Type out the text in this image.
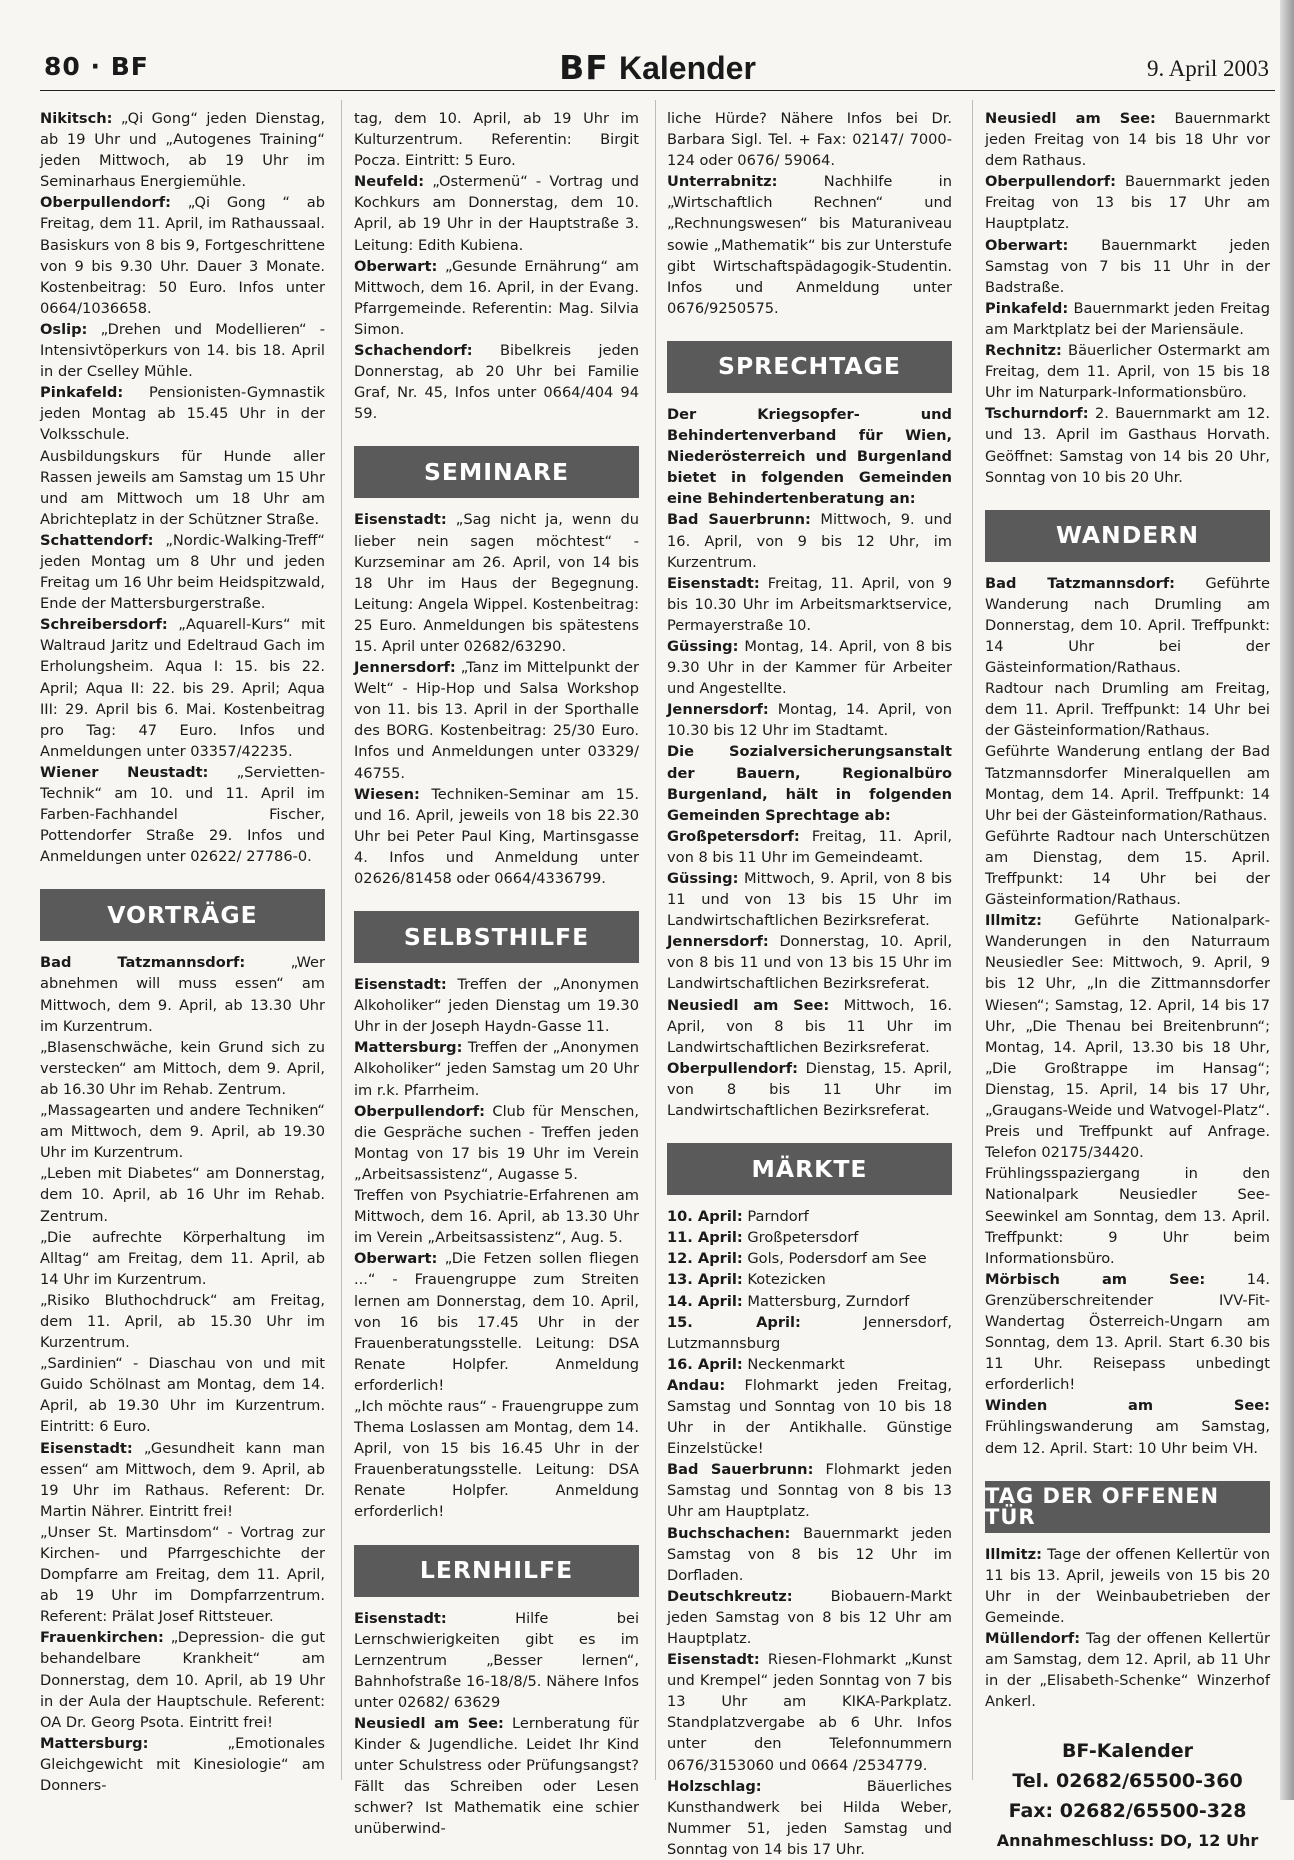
80 · BF	BF Kalender	9. April 2003

Nikitsch: „Qi Gong“ jeden Dienstag, ab 19 Uhr und „Autogenes Training“ jeden Mittwoch, ab 19 Uhr im Seminarhaus Energiemühle.

Oberpullendorf: „Qi Gong “ ab Freitag, dem 11. April, im Rathaussaal. Basiskurs von 8 bis 9, Fortgeschrittene von 9 bis 9.30 Uhr. Dauer 3 Monate. Kostenbeitrag: 50 Euro. Infos unter 0664/1036658.

Oslip: „Drehen und Modellieren“ - Intensivtöperkurs von 14. bis 18. April in der Cselley Mühle.

Pinkafeld: Pensionisten-Gymnastik jeden Montag ab 15.45 Uhr in der Volksschule.

Ausbildungskurs für Hunde aller Rassen jeweils am Samstag um 15 Uhr und am Mittwoch um 18 Uhr am Abrichteplatz in der Schützner Straße.

Schattendorf: „Nordic-Walking-Treff“ jeden Montag um 8 Uhr und jeden Freitag um 16 Uhr beim Heidspitzwald, Ende der Mattersburgerstraße.

Schreibersdorf: „Aquarell-Kurs“ mit Waltraud Jaritz und Edeltraud Gach im Erholungsheim. Aqua I: 15. bis 22. April; Aqua II: 22. bis 29. April; Aqua III: 29. April bis 6. Mai. Kostenbeitrag pro Tag: 47 Euro. Infos und Anmeldungen unter 03357/42235.

Wiener Neustadt: „Servietten-Technik“ am 10. und 11. April im Farben-Fachhandel Fischer, Pottendorfer Straße 29. Infos und Anmeldungen unter 02622/ 27786-0.

VORTRÄGE

Bad Tatzmannsdorf: „Wer abnehmen will muss essen“ am Mittwoch, dem 9. April, ab 13.30 Uhr im Kurzentrum.

„Blasenschwäche, kein Grund sich zu verstecken“ am Mittoch, dem 9. April, ab 16.30 Uhr im Rehab. Zentrum.

„Massagearten und andere Techniken“ am Mittwoch, dem 9. April, ab 19.30 Uhr im Kurzentrum.

„Leben mit Diabetes“ am Donnerstag, dem 10. April, ab 16 Uhr im Rehab. Zentrum.

„Die aufrechte Körperhaltung im Alltag“ am Freitag, dem 11. April, ab 14 Uhr im Kurzentrum.

„Risiko Bluthochdruck“ am Freitag, dem 11. April, ab 15.30 Uhr im Kurzentrum.

„Sardinien“ - Diaschau von und mit Guido Schölnast am Montag, dem 14. April, ab 19.30 Uhr im Kurzentrum. Eintritt: 6 Euro.

Eisenstadt: „Gesundheit kann man essen“ am Mittwoch, dem 9. April, ab 19 Uhr im Rathaus. Referent: Dr. Martin Nährer. Eintritt frei!

„Unser St. Martinsdom“ - Vortrag zur Kirchen- und Pfarrgeschichte der Dompfarre am Freitag, dem 11. April, ab 19 Uhr im Dompfarrzentrum. Referent: Prälat Josef Rittsteuer.

Frauenkirchen: „Depression- die gut behandelbare Krankheit“ am Donnerstag, dem 10. April, ab 19 Uhr in der Aula der Hauptschule. Referent: OA Dr. Georg Psota. Eintritt frei!

Mattersburg: „Emotionales Gleichgewicht mit Kinesiologie“ am Donners-

tag, dem 10. April, ab 19 Uhr im Kulturzentrum. Referentin: Birgit Pocza. Eintritt: 5 Euro.

Neufeld: „Ostermenü“ - Vortrag und Kochkurs am Donnerstag, dem 10. April, ab 19 Uhr in der Hauptstraße 3. Leitung: Edith Kubiena.

Oberwart: „Gesunde Ernährung“ am Mittwoch, dem 16. April, in der Evang. Pfarrgemeinde. Referentin: Mag. Silvia Simon.

Schachendorf: Bibelkreis jeden Donnerstag, ab 20 Uhr bei Familie Graf, Nr. 45, Infos unter 0664/404 94 59.

SEMINARE

Eisenstadt: „Sag nicht ja, wenn du lieber nein sagen möchtest“ - Kurzseminar am 26. April, von 14 bis 18 Uhr im Haus der Begegnung. Leitung: Angela Wippel. Kostenbeitrag: 25 Euro. Anmeldungen bis spätestens 15. April unter 02682/63290.

Jennersdorf: „Tanz im Mittelpunkt der Welt“ - Hip-Hop und Salsa Workshop von 11. bis 13. April in der Sporthalle des BORG. Kostenbeitrag: 25/30 Euro. Infos und Anmeldungen unter 03329/ 46755.

Wiesen: Techniken-Seminar am 15. und 16. April, jeweils von 18 bis 22.30 Uhr bei Peter Paul King, Martinsgasse 4. Infos und Anmeldung unter 02626/81458 oder 0664/4336799.

SELBSTHILFE

Eisenstadt: Treffen der „Anonymen Alkoholiker“ jeden Dienstag um 19.30 Uhr in der Joseph Haydn-Gasse 11.

Mattersburg: Treffen der „Anonymen Alkoholiker“ jeden Samstag um 20 Uhr im r.k. Pfarrheim.

Oberpullendorf: Club für Menschen, die Gespräche suchen - Treffen jeden Montag von 17 bis 19 Uhr im Verein „Arbeitsassistenz“, Augasse 5.

Treffen von Psychiatrie-Erfahrenen am Mittwoch, dem 16. April, ab 13.30 Uhr im Verein „Arbeitsassistenz“, Aug. 5.

Oberwart: „Die Fetzen sollen fliegen ...“ - Frauengruppe zum Streiten lernen am Donnerstag, dem 10. April, von 16 bis 17.45 Uhr in der Frauenberatungsstelle. Leitung: DSA Renate Holpfer. Anmeldung erforderlich!

„Ich möchte raus“ - Frauengruppe zum Thema Loslassen am Montag, dem 14. April, von 15 bis 16.45 Uhr in der Frauenberatungsstelle. Leitung: DSA Renate Holpfer. Anmeldung erforderlich!

LERNHILFE

Eisenstadt: Hilfe bei Lernschwierigkeiten gibt es im Lernzentrum „Besser lernen“, Bahnhofstraße 16-18/8/5. Nähere Infos unter 02682/ 63629

Neusiedl am See: Lernberatung für Kinder & Jugendliche. Leidet Ihr Kind unter Schulstress oder Prüfungsangst? Fällt das Schreiben oder Lesen schwer? Ist Mathematik eine schier unüberwind-

liche Hürde? Nähere Infos bei Dr. Barbara Sigl. Tel. + Fax: 02147/ 7000-124 oder 0676/ 59064.

Unterrabnitz: Nachhilfe in „Wirtschaftlich Rechnen“ und „Rechnungswesen“ bis Maturaniveau sowie „Mathematik“ bis zur Unterstufe gibt Wirtschaftspädagogik-Studentin. Infos und Anmeldung unter 0676/9250575.

SPRECHTAGE

Der Kriegsopfer- und Behindertenverband für Wien, Niederösterreich und Burgenland bietet in folgenden Gemeinden eine Behindertenberatung an:

Bad Sauerbrunn: Mittwoch, 9. und 16. April, von 9 bis 12 Uhr, im Kurzentrum.

Eisenstadt: Freitag, 11. April, von 9 bis 10.30 Uhr im Arbeitsmarktservice, Permayerstraße 10.

Güssing: Montag, 14. April, von 8 bis 9.30 Uhr in der Kammer für Arbeiter und Angestellte.

Jennersdorf: Montag, 14. April, von 10.30 bis 12 Uhr im Stadtamt.

Die Sozialversicherungsanstalt der Bauern, Regionalbüro Burgenland, hält in folgenden Gemeinden Sprechtage ab:

Großpetersdorf: Freitag, 11. April, von 8 bis 11 Uhr im Gemeindeamt.

Güssing: Mittwoch, 9. April, von 8 bis 11 und von 13 bis 15 Uhr im Landwirtschaftlichen Bezirksreferat.

Jennersdorf: Donnerstag, 10. April, von 8 bis 11 und von 13 bis 15 Uhr im Landwirtschaftlichen Bezirksreferat.

Neusiedl am See: Mittwoch, 16. April, von 8 bis 11 Uhr im Landwirtschaftlichen Bezirksreferat.

Oberpullendorf: Dienstag, 15. April, von 8 bis 11 Uhr im Landwirtschaftlichen Bezirksreferat.

MÄRKTE

10. April: Parndorf

11. April: Großpetersdorf

12. April: Gols, Podersdorf am See

13. April: Kotezicken

14. April: Mattersburg, Zurndorf

15. April: Jennersdorf, Lutzmannsburg

16. April: Neckenmarkt

Andau: Flohmarkt jeden Freitag, Samstag und Sonntag von 10 bis 18 Uhr in der Antikhalle. Günstige Einzelstücke!

Bad Sauerbrunn: Flohmarkt jeden Samstag und Sonntag von 8 bis 13 Uhr am Hauptplatz.

Buchschachen: Bauernmarkt jeden Samstag von 8 bis 12 Uhr im Dorfladen.

Deutschkreutz: Biobauern-Markt jeden Samstag von 8 bis 12 Uhr am Hauptplatz.

Eisenstadt: Riesen-Flohmarkt „Kunst und Krempel“ jeden Sonntag von 7 bis 13 Uhr am KIKA-Parkplatz. Standplatzvergabe ab 6 Uhr. Infos unter den Telefonnummern 0676/3153060 und 0664 /2534779.

Holzschlag: Bäuerliches Kunsthandwerk bei Hilda Weber, Nummer 51, jeden Samstag und Sonntag von 14 bis 17 Uhr.

Neusiedl am See: Bauernmarkt jeden Freitag von 14 bis 18 Uhr vor dem Rathaus.

Oberpullendorf: Bauernmarkt jeden Freitag von 13 bis 17 Uhr am Hauptplatz.

Oberwart: Bauernmarkt jeden Samstag von 7 bis 11 Uhr in der Badstraße.

Pinkafeld: Bauernmarkt jeden Freitag am Marktplatz bei der Mariensäule.

Rechnitz: Bäuerlicher Ostermarkt am Freitag, dem 11. April, von 15 bis 18 Uhr im Naturpark-Informationsbüro.

Tschurndorf: 2. Bauernmarkt am 12. und 13. April im Gasthaus Horvath. Geöffnet: Samstag von 14 bis 20 Uhr, Sonntag von 10 bis 20 Uhr.

WANDERN

Bad Tatzmannsdorf: Geführte Wanderung nach Drumling am Donnerstag, dem 10. April. Treffpunkt: 14 Uhr bei der Gästeinformation/Rathaus.

Radtour nach Drumling am Freitag, dem 11. April. Treffpunkt: 14 Uhr bei der Gästeinformation/Rathaus.

Geführte Wanderung entlang der Bad Tatzmannsdorfer Mineralquellen am Montag, dem 14. April. Treffpunkt: 14 Uhr bei der Gästeinformation/Rathaus.

Geführte Radtour nach Unterschützen am Dienstag, dem 15. April. Treffpunkt: 14 Uhr bei der Gästeinformation/Rathaus.

Illmitz: Geführte Nationalpark-Wanderungen in den Naturraum Neusiedler See: Mittwoch, 9. April, 9 bis 12 Uhr, „In die Zittmannsdorfer Wiesen“; Samstag, 12. April, 14 bis 17 Uhr, „Die Thenau bei Breitenbrunn“; Montag, 14. April, 13.30 bis 18 Uhr, „Die Großtrappe im Hansag“; Dienstag, 15. April, 14 bis 17 Uhr, „Graugans-Weide und Watvogel-Platz“. Preis und Treffpunkt auf Anfrage. Telefon 02175/34420.

Frühlingsspaziergang in den Nationalpark Neusiedler See-Seewinkel am Sonntag, dem 13. April. Treffpunkt: 9 Uhr beim Informationsbüro.

Mörbisch am See: 14. Grenzüberschreitender IVV-Fit-Wandertag Österreich-Ungarn am Sonntag, dem 13. April. Start 6.30 bis 11 Uhr. Reisepass unbedingt erforderlich!

Winden am See: Frühlingswanderung am Samstag, dem 12. April. Start: 10 Uhr beim VH.

TAG DER OFFENEN TÜR

Illmitz: Tage der offenen Kellertür von 11 bis 13. April, jeweils von 15 bis 20 Uhr in der Weinbaubetrieben der Gemeinde.

Müllendorf: Tag der offenen Kellertür am Samstag, dem 12. April, ab 11 Uhr in der „Elisabeth-Schenke“ Winzerhof Ankerl.

BF-Kalender
Tel. 02682/65500-360
Fax: 02682/65500-328
Annahmeschluss: DO, 12 Uhr
